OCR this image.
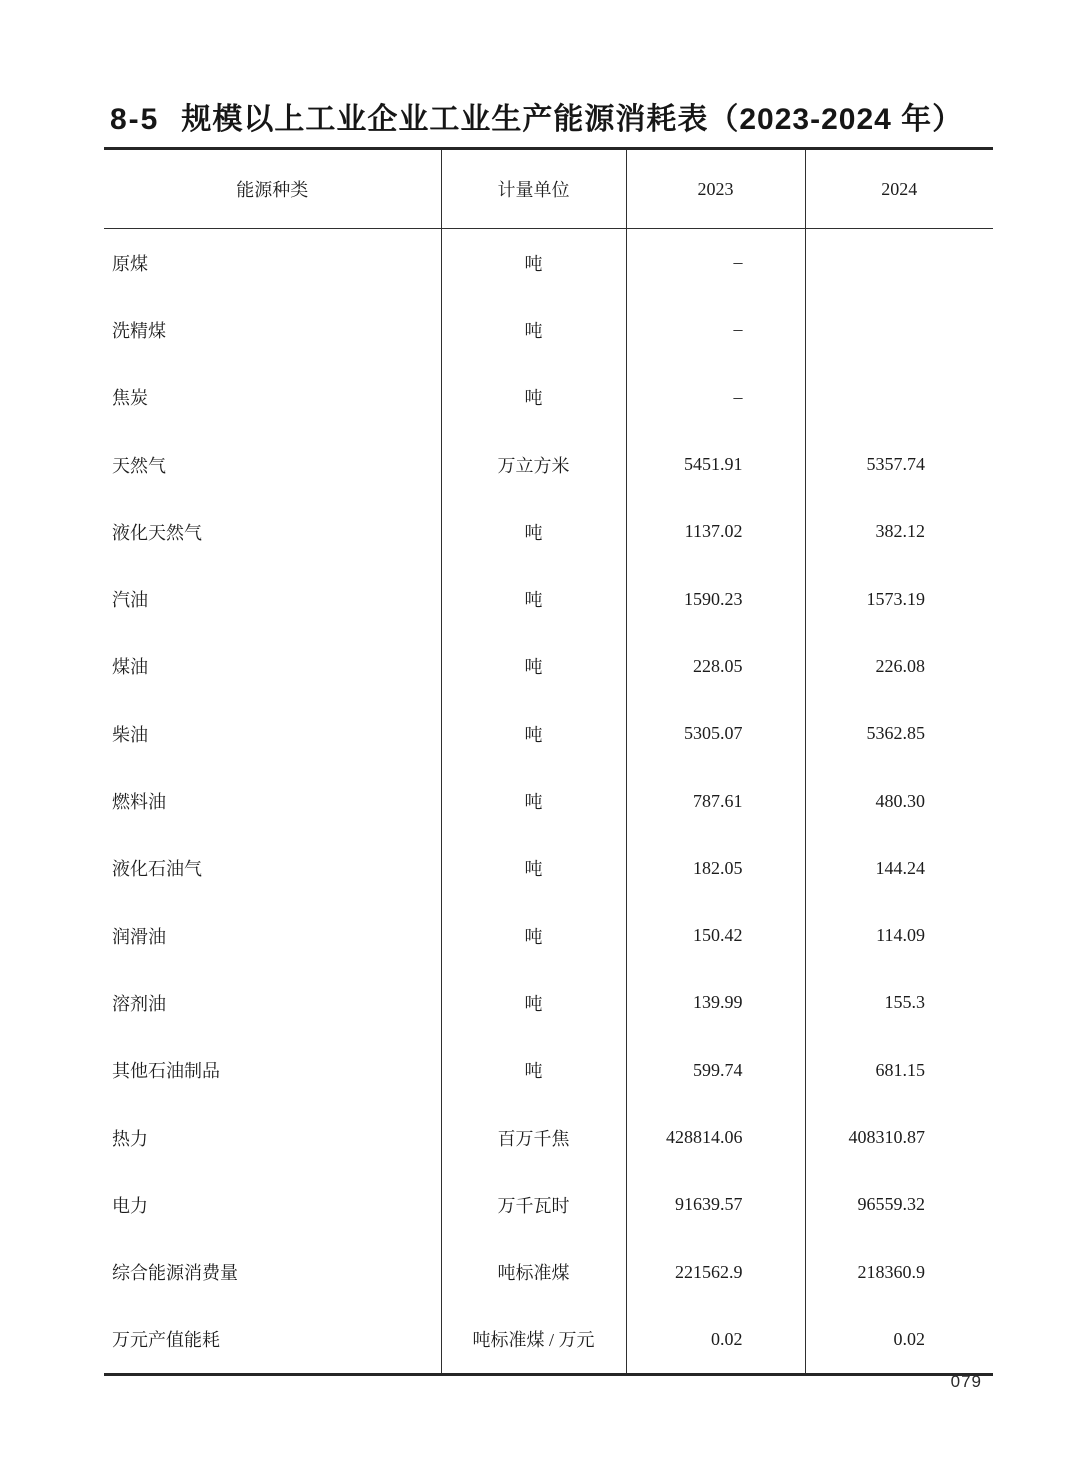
8-5 规模以上工业企业工业生产能源消耗表（2023-2024 年）
能源种类	计量单位	2023	2024
原煤	吨	–	
洗精煤	吨	–	
焦炭	吨	–	
天然气	万立方米	5451.91	5357.74
液化天然气	吨	1137.02	382.12
汽油	吨	1590.23	1573.19
煤油	吨	228.05	226.08
柴油	吨	5305.07	5362.85
燃料油	吨	787.61	480.30
液化石油气	吨	182.05	144.24
润滑油	吨	150.42	114.09
溶剂油	吨	139.99	155.3
其他石油制品	吨	599.74	681.15
热力	百万千焦	428814.06	408310.87
电力	万千瓦时	91639.57	96559.32
综合能源消费量	吨标准煤	221562.9	218360.9
万元产值能耗	吨标准煤 / 万元	0.02	0.02
079
